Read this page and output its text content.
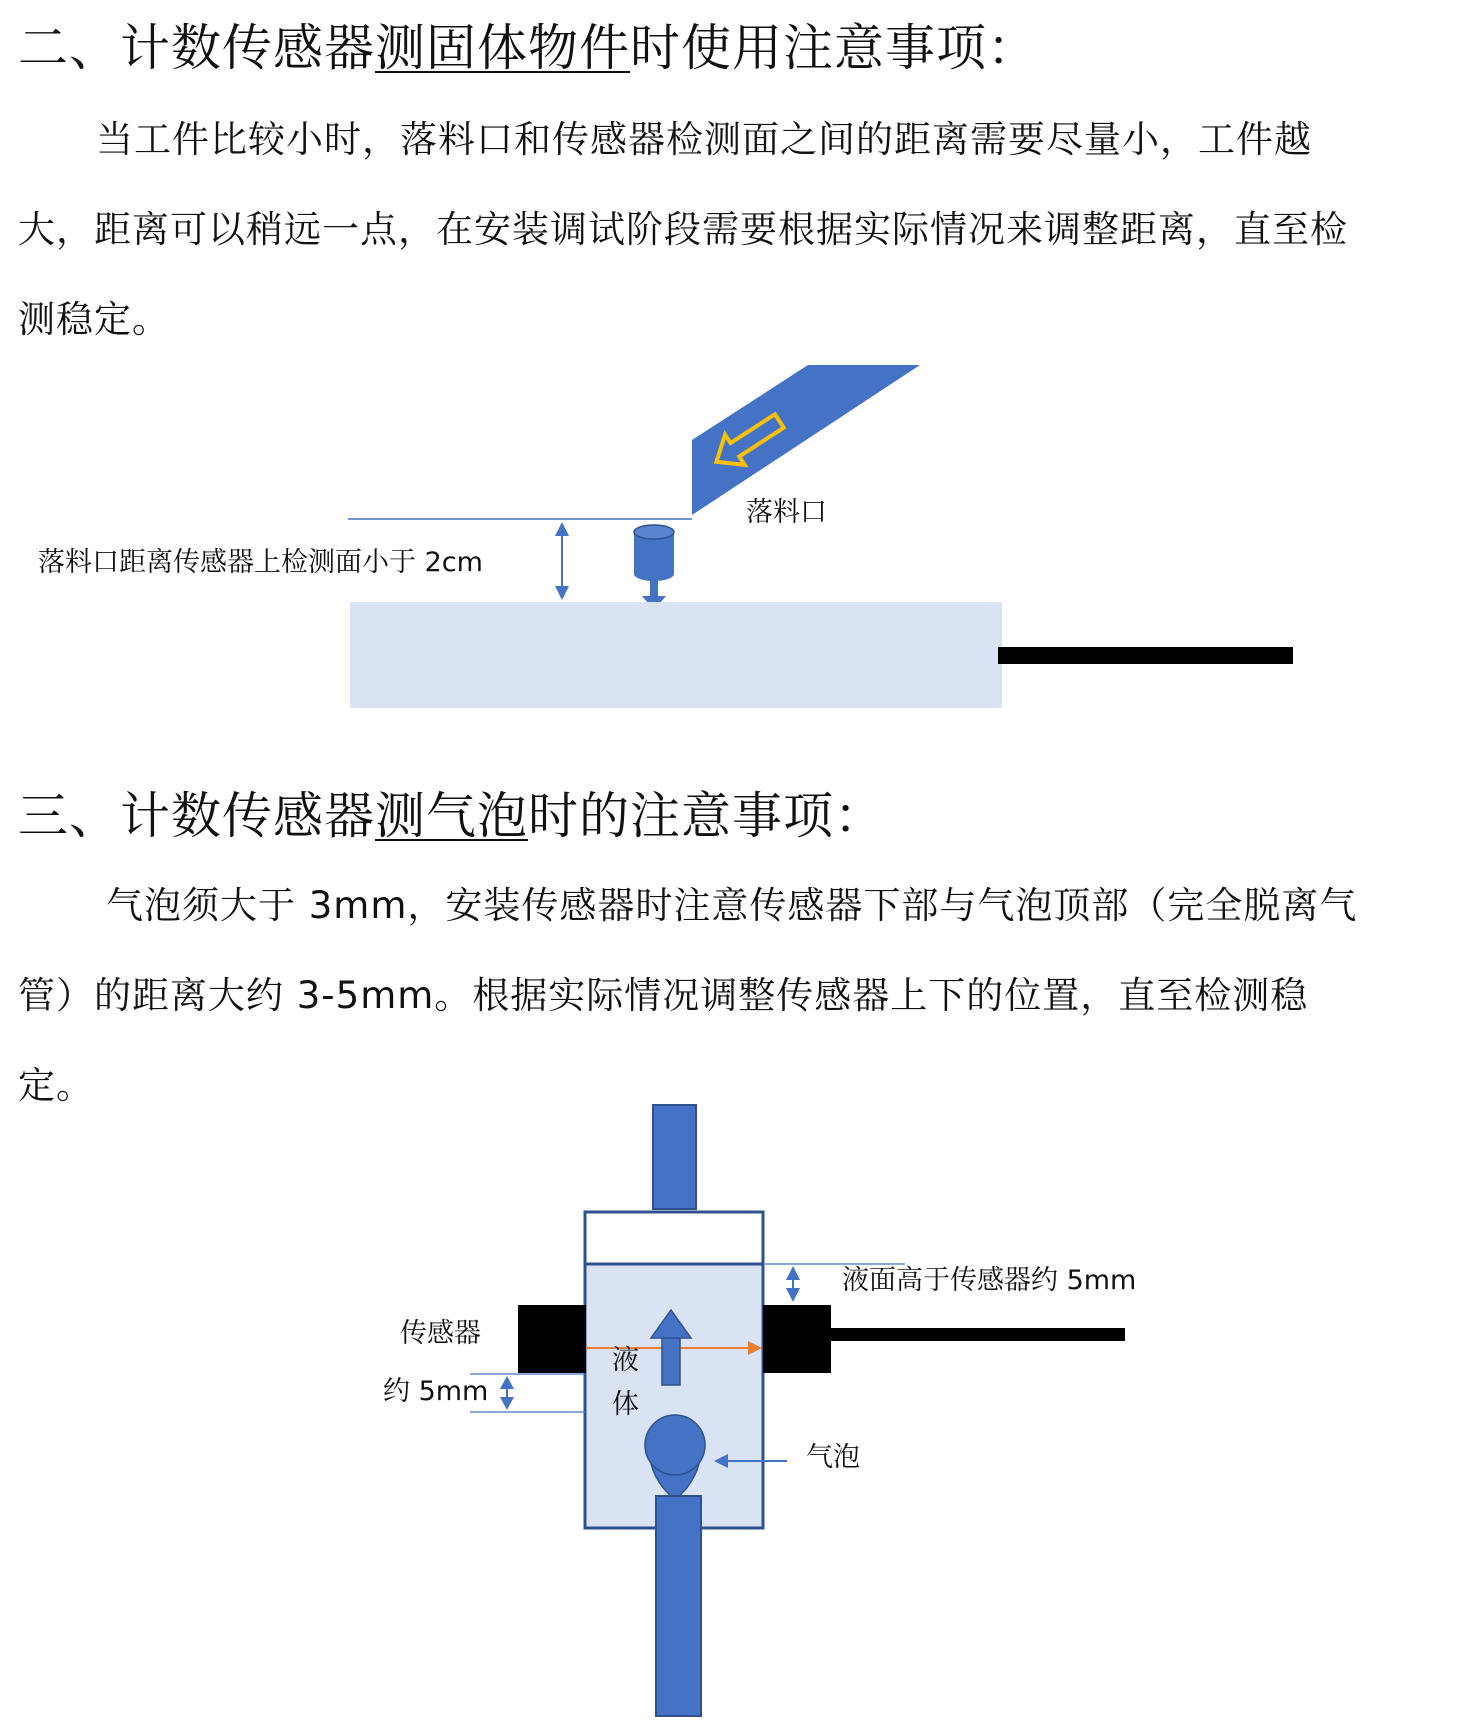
二、计数传感器测固体物件时使用注意事项：
当工件比较小时，落料口和传感器检测面之间的距离需要尽量小，工件越
大，距离可以稍远一点，在安装调试阶段需要根据实际情况来调整距离，直至检
测稳定。
落料口
落料口距离传感器上检测面小于 2cm
三、计数传感器测气泡时的注意事项：
气泡须大于 3mm，安装传感器时注意传感器下部与气泡顶部（完全脱离气
管）的距离大约 3-5mm。根据实际情况调整传感器上下的位置，直至检测稳
定。
液面高于传感器约 5mm
传感器
约 5mm
液
体
气泡
